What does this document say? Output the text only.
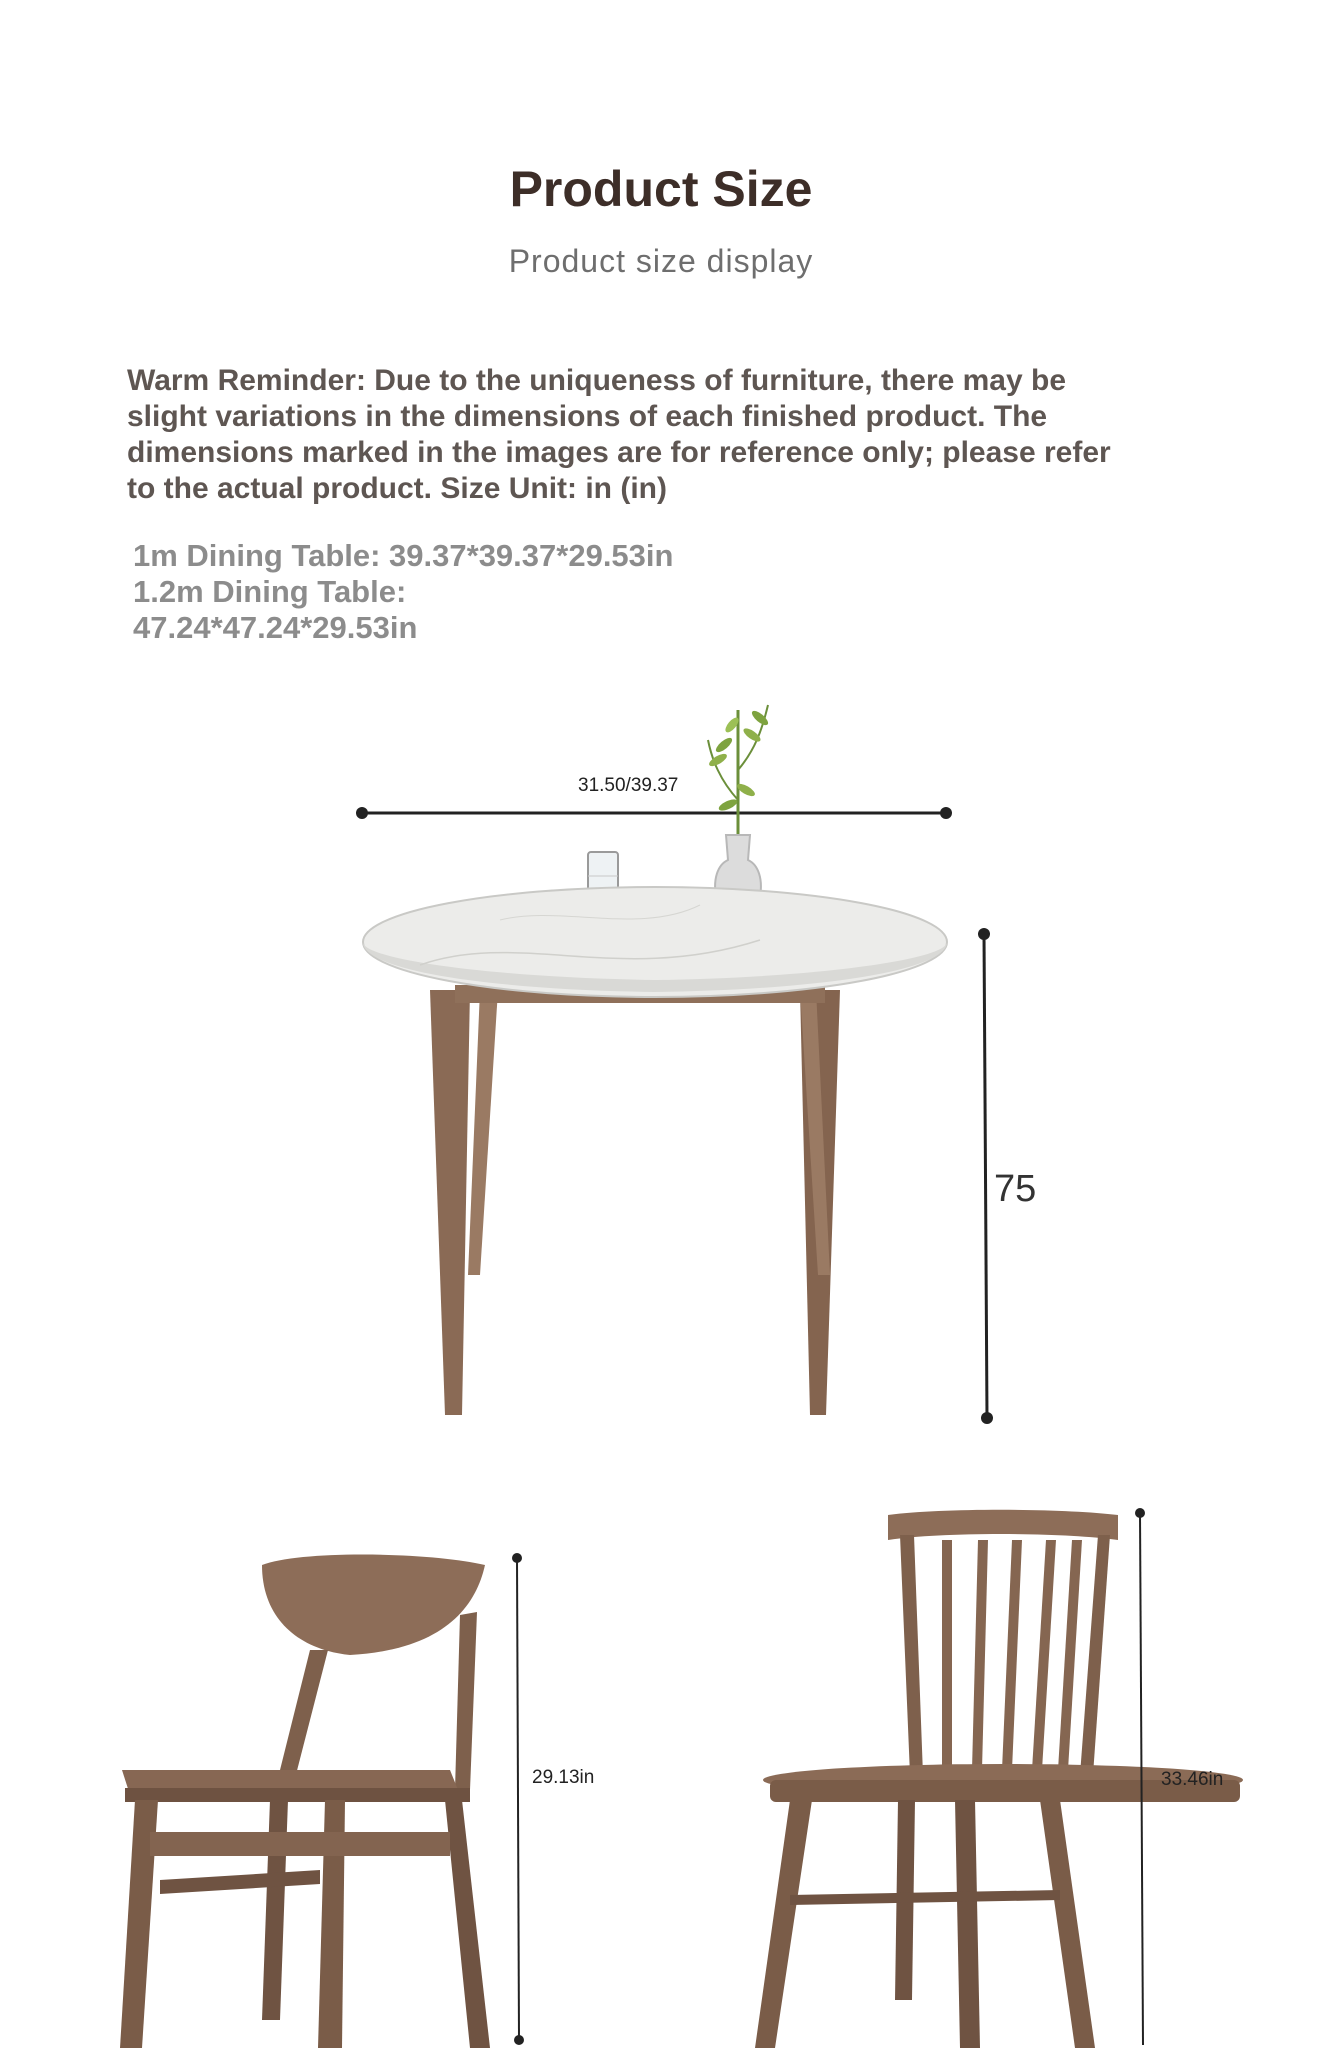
Product Size
Product size display
Warm Reminder: Due to the uniqueness of furniture, there may be slight variations in the dimensions of each finished product. The dimensions marked in the images are for reference only; please refer to the actual product. Size Unit: in (in)
1m Dining Table: 39.37*39.37*29.53in 1.2m Dining Table: 47.24*47.24*29.53in
31.50/39.37
75
29.13in	33.46in
